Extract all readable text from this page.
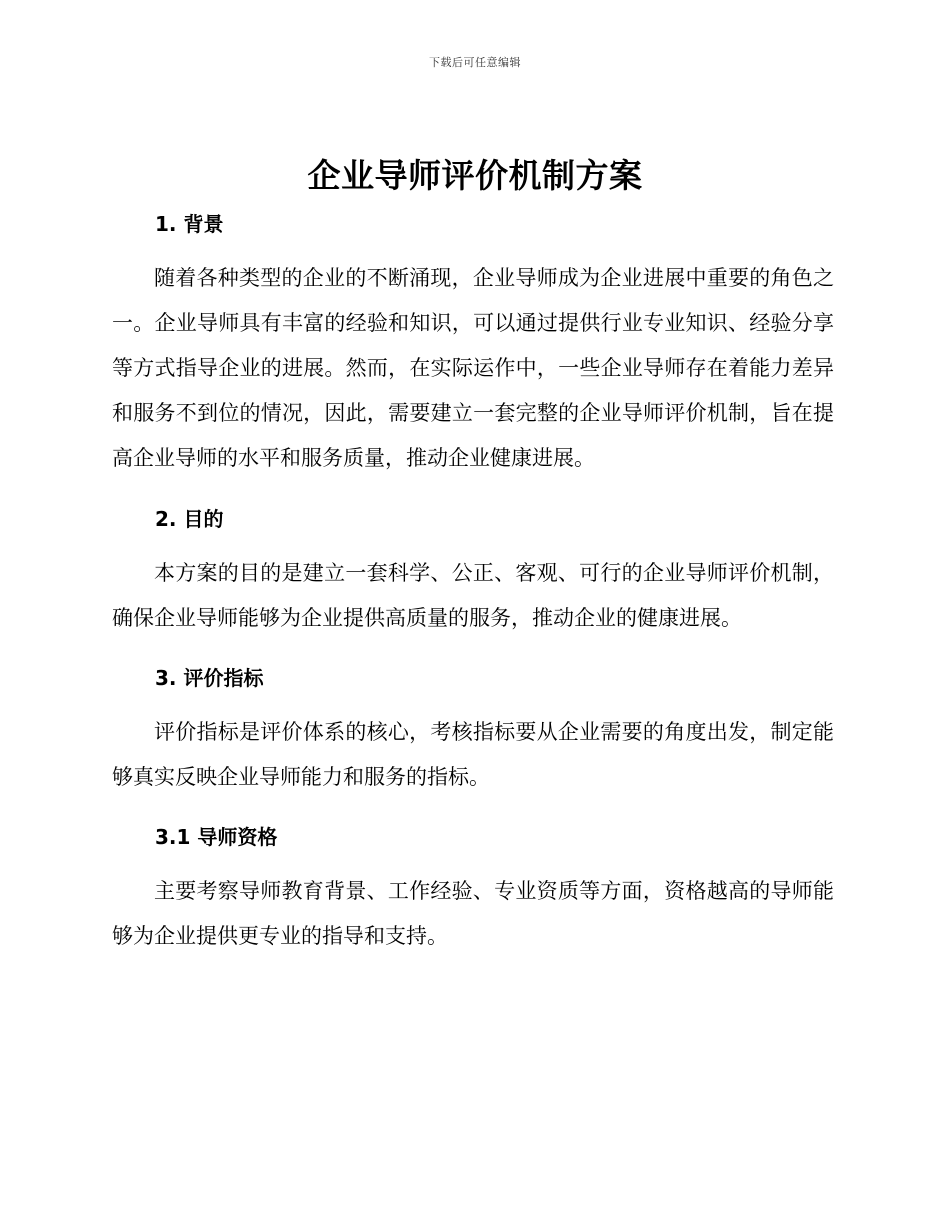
下载后可任意编辑
企业导师评价机制方案
1. 背景

随着各种类型的企业的不断涌现，企业导师成为企业进展中重要的角色之一。企业导师具有丰富的经验和知识，可以通过提供行业专业知识、经验分享等方式指导企业的进展。然而，在实际运作中，一些企业导师存在着能力差异和服务不到位的情况，因此，需要建立一套完整的企业导师评价机制，旨在提高企业导师的水平和服务质量，推动企业健康进展。

2. 目的

本方案的目的是建立一套科学、公正、客观、可行的企业导师评价机制，确保企业导师能够为企业提供高质量的服务，推动企业的健康进展。

3. 评价指标

评价指标是评价体系的核心，考核指标要从企业需要的角度出发，制定能够真实反映企业导师能力和服务的指标。

3.1 导师资格

主要考察导师教育背景、工作经验、专业资质等方面，资格越高的导师能够为企业提供更专业的指导和支持。
